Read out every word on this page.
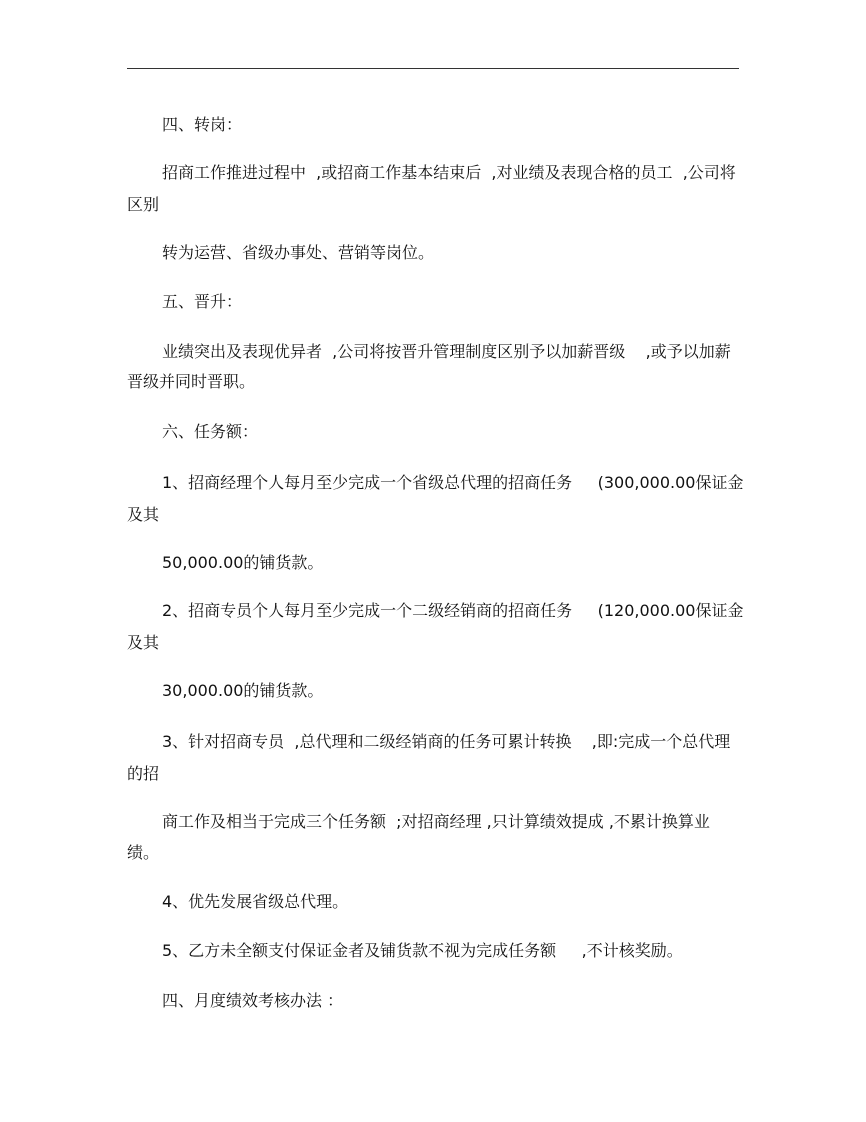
四、转岗：
招商工作推进过程中  ,或招商工作基本结束后  ,对业绩及表现合格的员工  ,公司将
区别
转为运营、省级办事处、营销等岗位。
五、晋升：
业绩突出及表现优异者  ,公司将按晋升管理制度区别予以加薪晋级    ,或予以加薪
晋级并同时晋职。
六、任务额：
1、招商经理个人每月至少完成一个省级总代理的招商任务     (300,000.00保证金
及其
50,000.00的铺货款。
2、招商专员个人每月至少完成一个二级经销商的招商任务     (120,000.00保证金
及其
30,000.00的铺货款。
3、针对招商专员  ,总代理和二级经销商的任务可累计转换    ,即:完成一个总代理
的招
商工作及相当于完成三个任务额  ;对招商经理 ,只计算绩效提成 ,不累计换算业
绩。
4、优先发展省级总代理。
5、乙方未全额支付保证金者及铺货款不视为完成任务额     ,不计核奖励。
四、月度绩效考核办法 ：
